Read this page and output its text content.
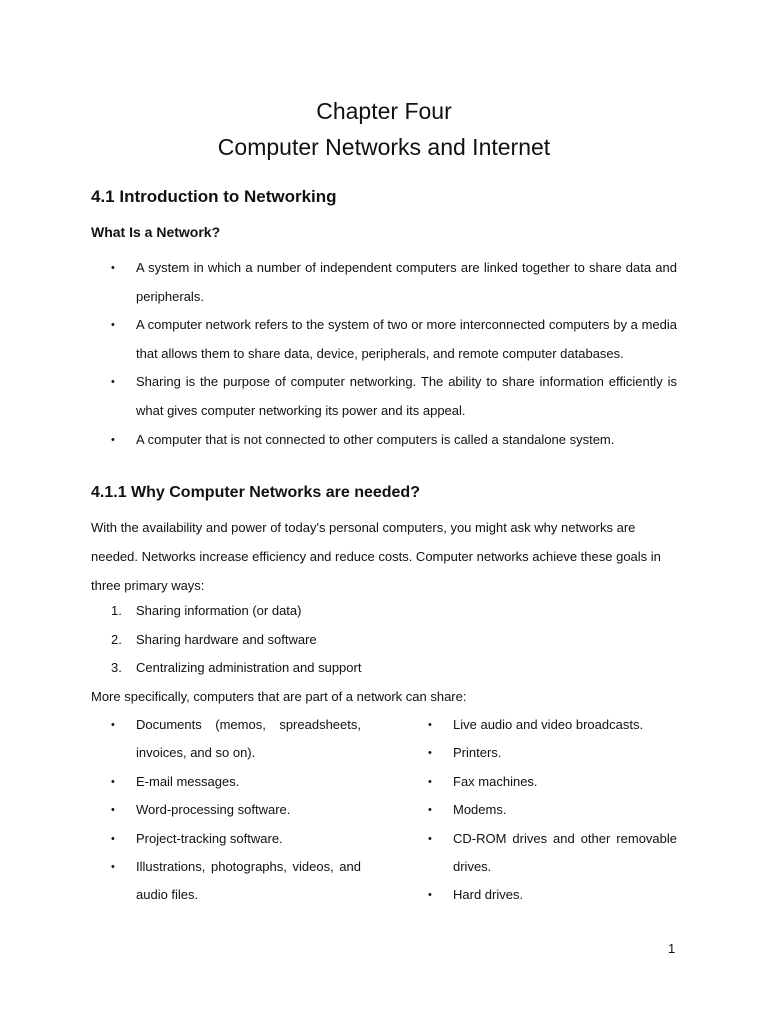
Chapter Four
Computer Networks and Internet
4.1 Introduction to Networking
What Is a Network?
• A system in which a number of independent computers are linked together to share data and peripherals.
• A computer network refers to the system of two or more interconnected computers by a media that allows them to share data, device, peripherals, and remote computer databases.
• Sharing is the purpose of computer networking. The ability to share information efficiently is what gives computer networking its power and its appeal.
• A computer that is not connected to other computers is called a standalone system.
4.1.1 Why Computer Networks are needed?

With the availability and power of today's personal computers, you might ask why networks are needed. Networks increase efficiency and reduce costs. Computer networks achieve these goals in three primary ways:

1. Sharing information (or data)
2. Sharing hardware and software
3. Centralizing administration and support

More specifically, computers that are part of a network can share:

• Documents (memos, spreadsheets, invoices, and so on).
• E-mail messages.
• Word-processing software.
• Project-tracking software.
• Illustrations, photographs, videos, and audio files.
• Live audio and video broadcasts.
• Printers.
• Fax machines.
• Modems.
• CD-ROM drives and other removable drives.
• Hard drives.
1
